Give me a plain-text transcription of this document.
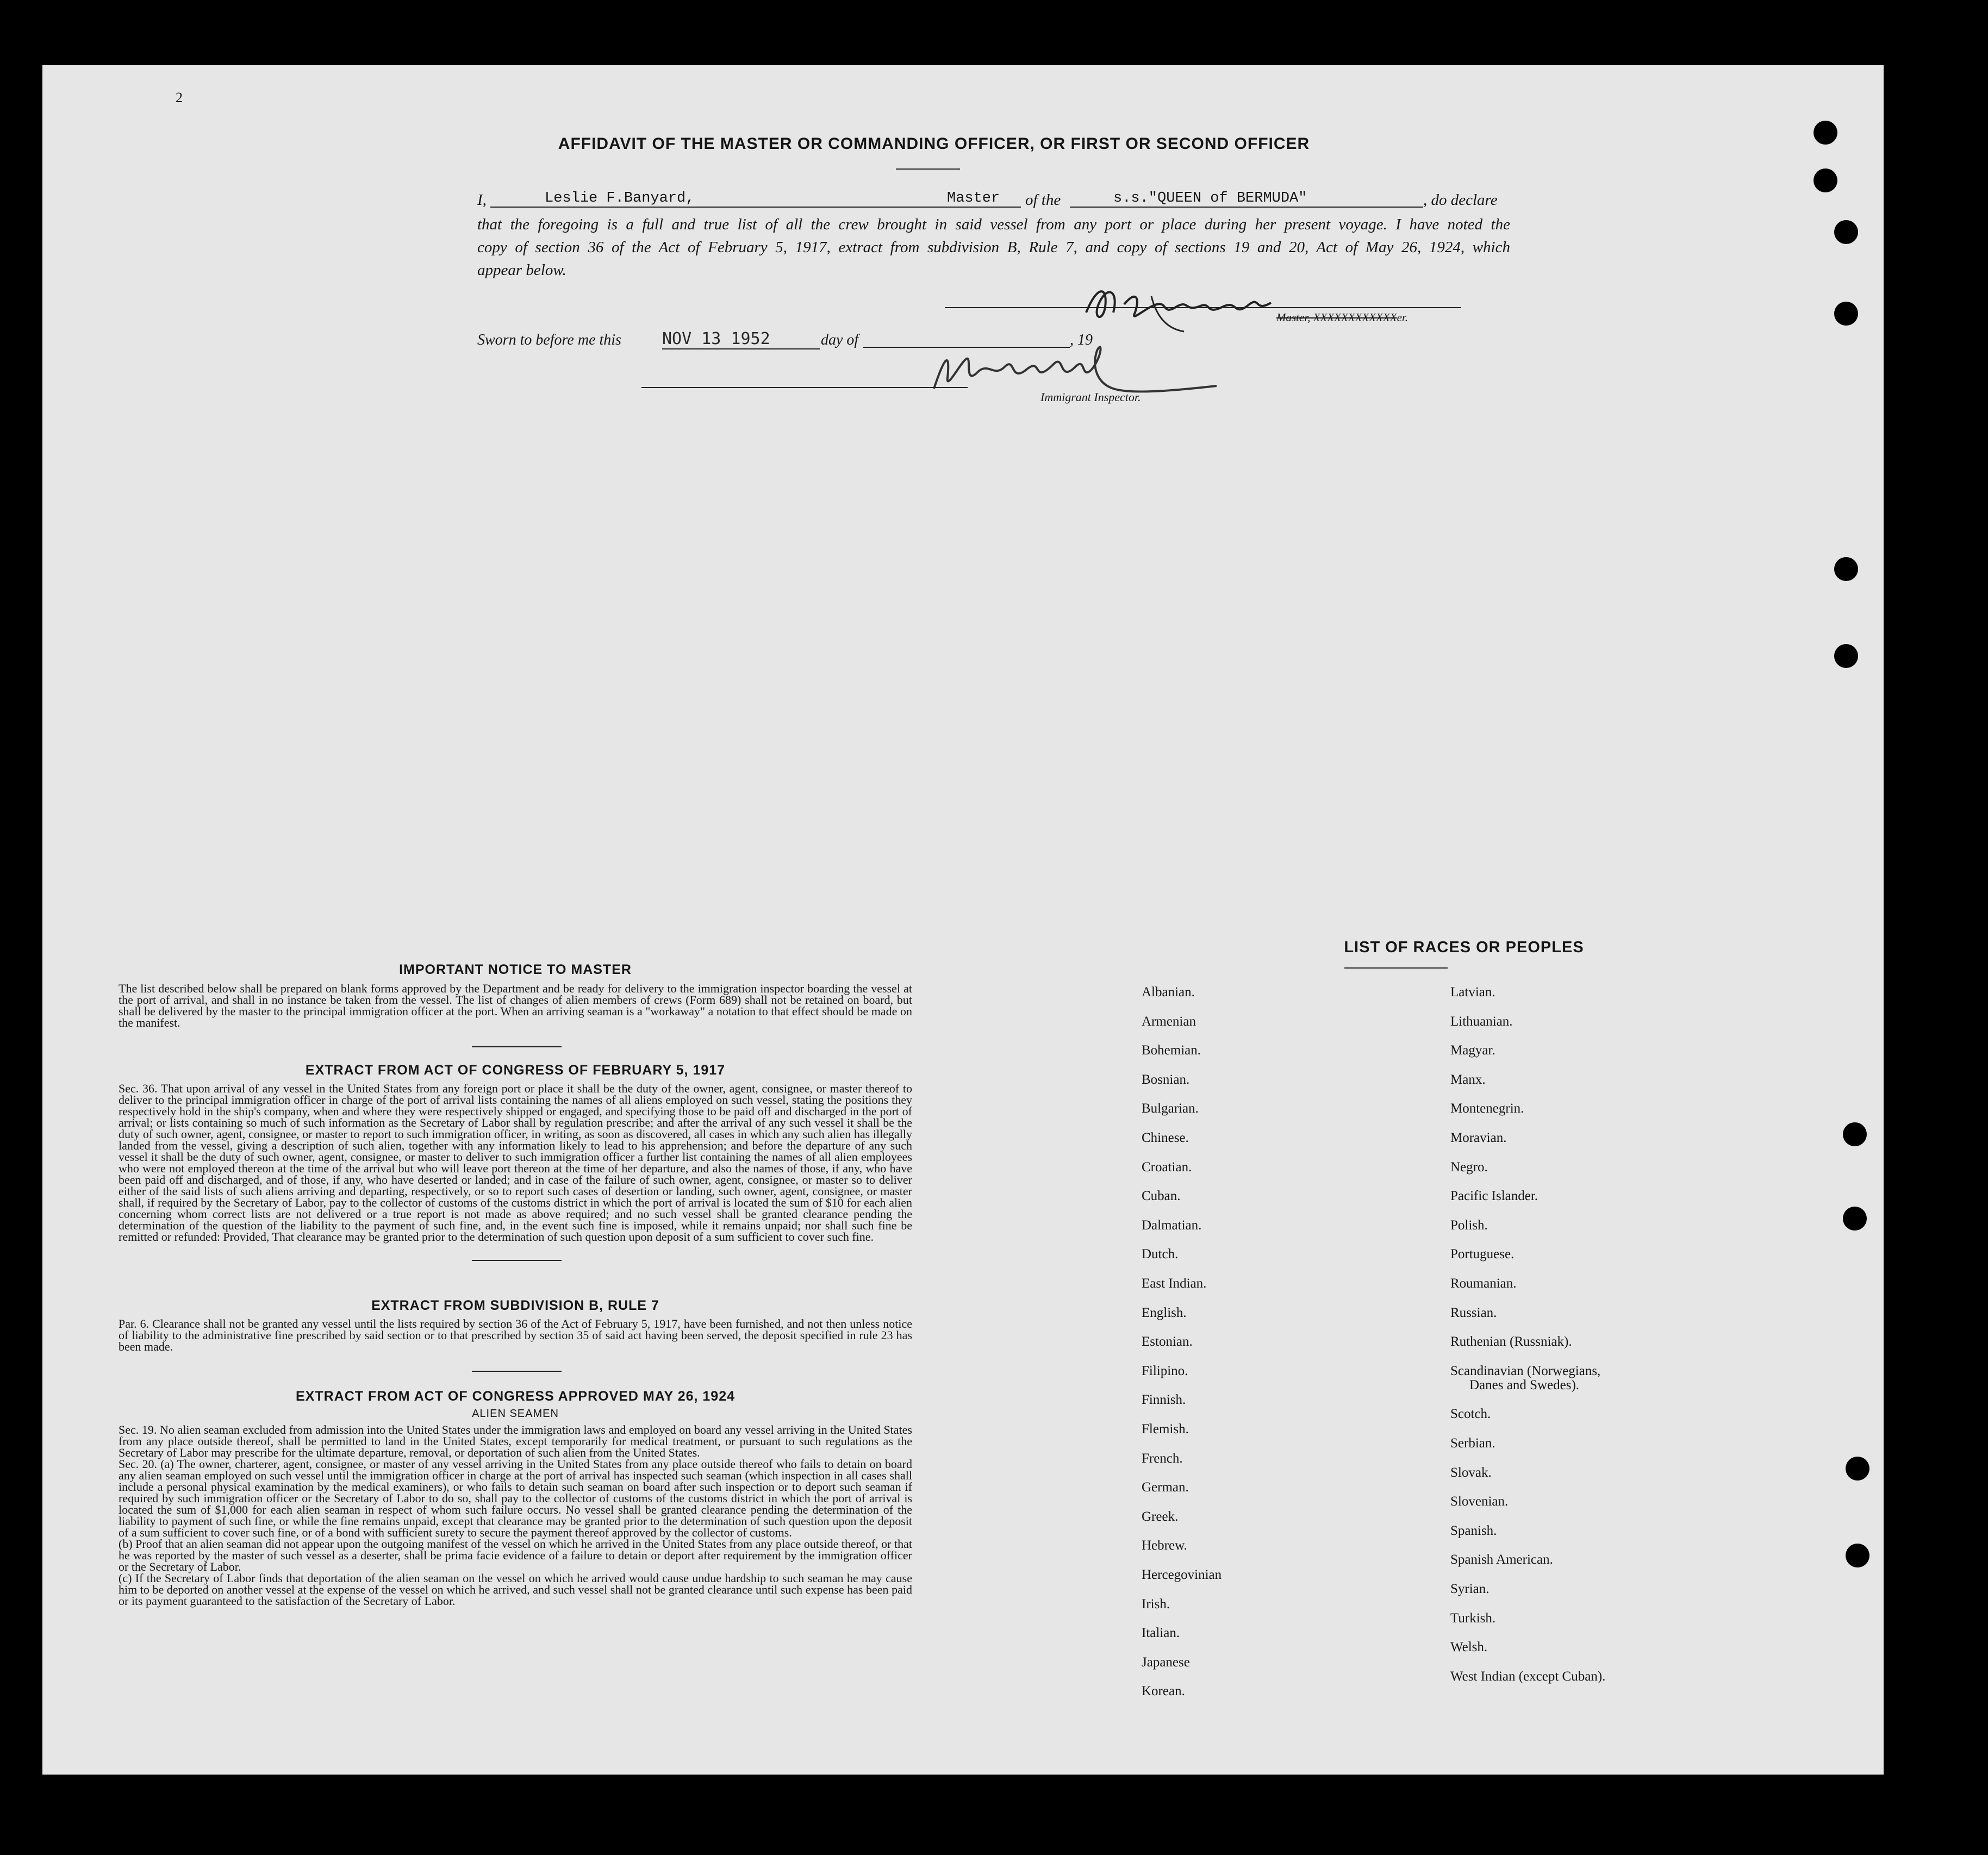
2
AFFIDAVIT OF THE MASTER OR COMMANDING OFFICER, OR FIRST OR SECOND OFFICER
I,	Leslie F.Banyard,	Master	of the	s.s."QUEEN of BERMUDA"	, do declare
that the foregoing is a full and true list of all the crew brought in said vessel from any port or place during her present voyage. I have noted the
copy of section 36 of the Act of February 5, 1917, extract from subdivision B, Rule 7, and copy of sections 19 and 20, Act of May 26, 1924, which
appear below.
Master, XXXXXXXXXXXXer.
Sworn to before me this	NOV 13 1952	day of	, 19
Immigrant Inspector.
IMPORTANT NOTICE TO MASTER
The list described below shall be prepared on blank forms approved by the Department and be ready for delivery to the immigration inspector boarding the vessel at the port of arrival, and shall in no instance be taken from the vessel. The list of changes of alien members of crews (Form 689) shall not be retained on board, but shall be delivered by the master to the principal immigration officer at the port. When an arriving seaman is a "workaway" a notation to that effect should be made on the manifest.
EXTRACT FROM ACT OF CONGRESS OF FEBRUARY 5, 1917
Sec. 36. That upon arrival of any vessel in the United States from any foreign port or place it shall be the duty of the owner, agent, consignee, or master thereof to deliver to the principal immigration officer in charge of the port of arrival lists containing the names of all aliens employed on such vessel, stating the positions they respectively hold in the ship's company, when and where they were respectively shipped or engaged, and specifying those to be paid off and discharged in the port of arrival; or lists containing so much of such information as the Secretary of Labor shall by regulation prescribe; and after the arrival of any such vessel it shall be the duty of such owner, agent, consignee, or master to report to such immigration officer, in writing, as soon as discovered, all cases in which any such alien has illegally landed from the vessel, giving a description of such alien, together with any information likely to lead to his apprehension; and before the departure of any such vessel it shall be the duty of such owner, agent, consignee, or master to deliver to such immigration officer a further list containing the names of all alien employees who were not employed thereon at the time of the arrival but who will leave port thereon at the time of her departure, and also the names of those, if any, who have been paid off and discharged, and of those, if any, who have deserted or landed; and in case of the failure of such owner, agent, consignee, or master so to deliver either of the said lists of such aliens arriving and departing, respectively, or so to report such cases of desertion or landing, such owner, agent, consignee, or master shall, if required by the Secretary of Labor, pay to the collector of customs of the customs district in which the port of arrival is located the sum of $10 for each alien concerning whom correct lists are not delivered or a true report is not made as above required; and no such vessel shall be granted clearance pending the determination of the question of the liability to the payment of such fine, and, in the event such fine is imposed, while it remains unpaid; nor shall such fine be remitted or refunded: Provided, That clearance may be granted prior to the determination of such question upon deposit of a sum sufficient to cover such fine.
EXTRACT FROM SUBDIVISION B, RULE 7
Par. 6. Clearance shall not be granted any vessel until the lists required by section 36 of the Act of February 5, 1917, have been furnished, and not then unless notice of liability to the administrative fine prescribed by said section or to that prescribed by section 35 of said act having been served, the deposit specified in rule 23 has been made.
EXTRACT FROM ACT OF CONGRESS APPROVED MAY 26, 1924
ALIEN SEAMEN
Sec. 19. No alien seaman excluded from admission into the United States under the immigration laws and employed on board any vessel arriving in the United States from any place outside thereof, shall be permitted to land in the United States, except temporarily for medical treatment, or pursuant to such regulations as the Secretary of Labor may prescribe for the ultimate departure, removal, or deportation of such alien from the United States.
Sec. 20. (a) The owner, charterer, agent, consignee, or master of any vessel arriving in the United States from any place outside thereof who fails to detain on board any alien seaman employed on such vessel until the immigration officer in charge at the port of arrival has inspected such seaman (which inspection in all cases shall include a personal physical examination by the medical examiners), or who fails to detain such seaman on board after such inspection or to deport such seaman if required by such immigration officer or the Secretary of Labor to do so, shall pay to the collector of customs of the customs district in which the port of arrival is located the sum of $1,000 for each alien seaman in respect of whom such failure occurs. No vessel shall be granted clearance pending the determination of the liability to payment of such fine, or while the fine remains unpaid, except that clearance may be granted prior to the determination of such question upon the deposit of a sum sufficient to cover such fine, or of a bond with sufficient surety to secure the payment thereof approved by the collector of customs.
(b) Proof that an alien seaman did not appear upon the outgoing manifest of the vessel on which he arrived in the United States from any place outside thereof, or that he was reported by the master of such vessel as a deserter, shall be prima facie evidence of a failure to detain or deport after requirement by the immigration officer or the Secretary of Labor.
(c) If the Secretary of Labor finds that deportation of the alien seaman on the vessel on which he arrived would cause undue hardship to such seaman he may cause him to be deported on another vessel at the expense of the vessel on which he arrived, and such vessel shall not be granted clearance until such expense has been paid or its payment guaranteed to the satisfaction of the Secretary of Labor.
LIST OF RACES OR PEOPLES
Albanian.
Armenian
Bohemian.
Bosnian.
Bulgarian.
Chinese.
Croatian.
Cuban.
Dalmatian.
Dutch.
East Indian.
English.
Estonian.
Filipino.
Finnish.
Flemish.
French.
German.
Greek.
Hebrew.
Hercegovinian
Irish.
Italian.
Japanese
Korean.
Latvian.
Lithuanian.
Magyar.
Manx.
Montenegrin.
Moravian.
Negro.
Pacific Islander.
Polish.
Portuguese.
Roumanian.
Russian.
Ruthenian (Russniak).
Scandinavian (Norwegians,
Danes and Swedes).
Scotch.
Serbian.
Slovak.
Slovenian.
Spanish.
Spanish American.
Syrian.
Turkish.
Welsh.
West Indian (except Cuban).
